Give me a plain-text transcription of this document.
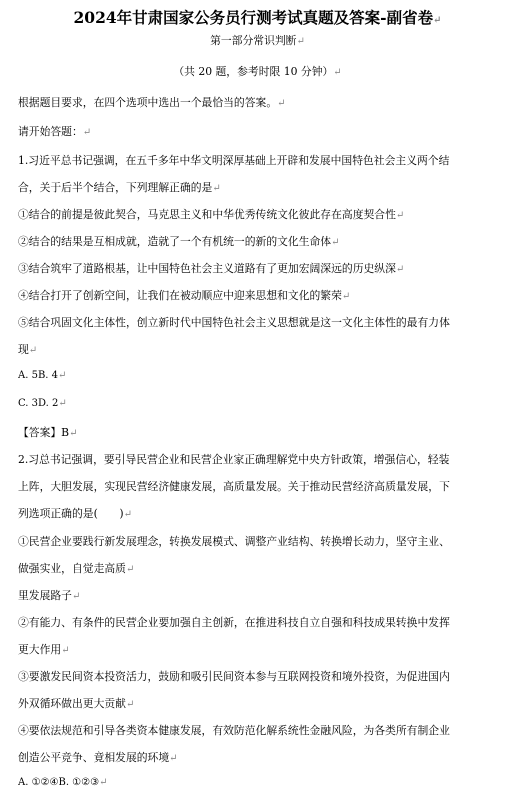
2024年甘肃国家公务员行测考试真题及答案-副省卷↵
第一部分常识判断↵
（共 20 题，参考时限 10 分钟）↵
根据题目要求，在四个选项中选出一个最恰当的答案。↵
请开始答题：↵
1.习近平总书记强调，在五千多年中华文明深厚基础上开辟和发展中国特色社会主义两个结
合，关于后半个结合，下列理解正确的是↵
①结合的前提是彼此契合，马克思主义和中华优秀传统文化彼此存在高度契合性↵
②结合的结果是互相成就，造就了一个有机统一的新的文化生命体↵
③结合筑牢了道路根基，让中国特色社会主义道路有了更加宏阔深远的历史纵深↵
④结合打开了创新空间，让我们在被动顺应中迎来思想和文化的繁荣↵
⑤结合巩固文化主体性，创立新时代中国特色社会主义思想就是这一文化主体性的最有力体
现↵
A. 5B. 4↵
C. 3D. 2↵
【答案】B↵
2.习总书记强调，要引导民营企业和民营企业家正确理解党中央方针政策，增强信心，轻装
上阵，大胆发展，实现民营经济健康发展，高质量发展。关于推动民营经济高质量发展，下
列选项正确的是(　　)↵
①民营企业要践行新发展理念，转换发展模式、调整产业结构、转换增长动力，坚守主业、
做强实业，自觉走高质↵
里发展路子↵
②有能力、有条件的民营企业要加强自主创新，在推进科技自立自强和科技成果转换中发挥
更大作用↵
③要激发民间资本投资活力，鼓励和吸引民间资本参与互联网投资和境外投资，为促进国内
外双循环做出更大贡献↵
④要依法规范和引导各类资本健康发展，有效防范化解系统性金融风险，为各类所有制企业
创造公平竞争、竟相发展的环境↵
A. ①②④B. ①②③↵
